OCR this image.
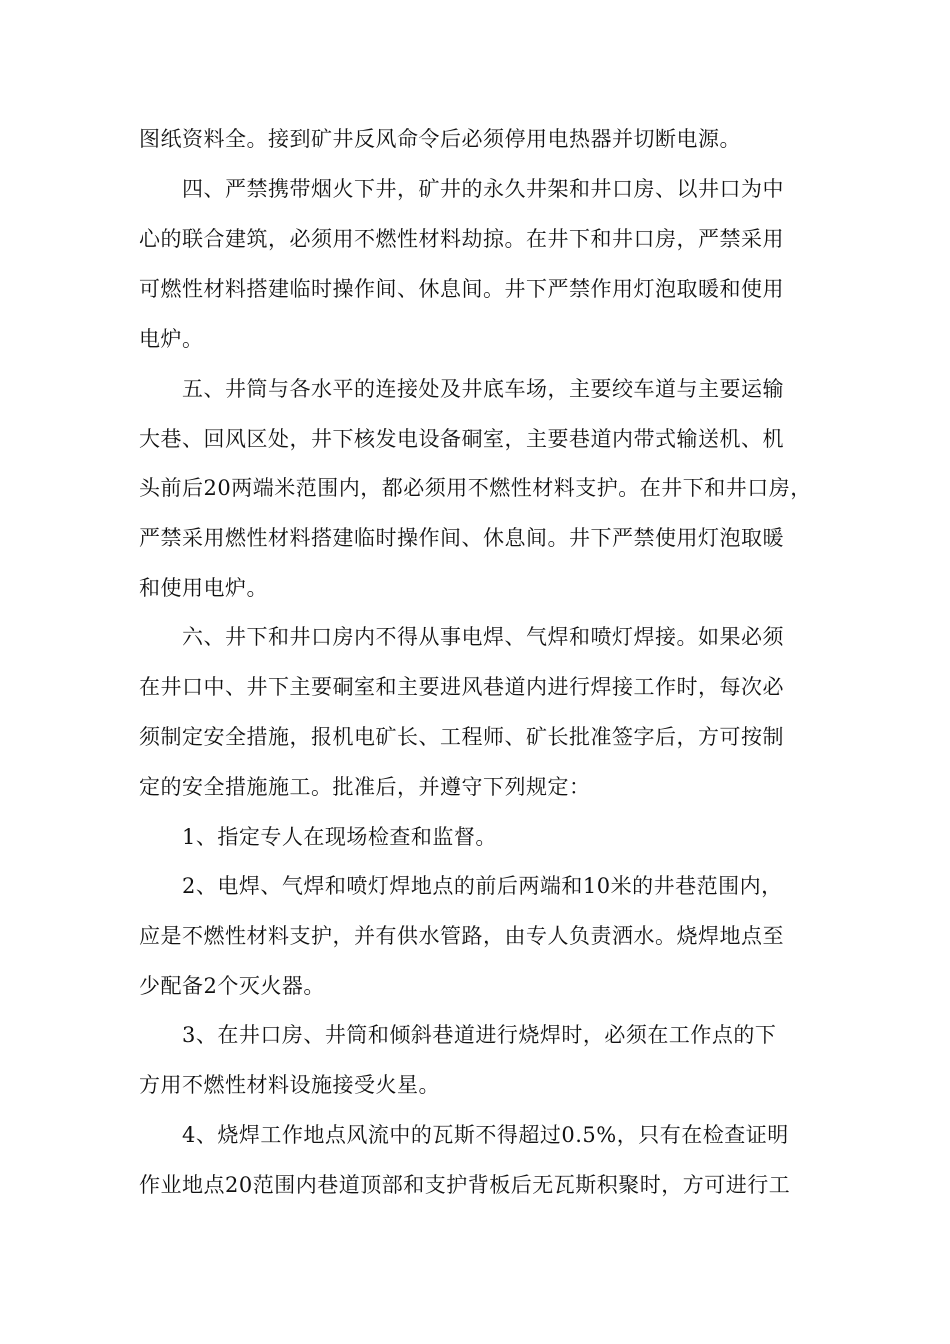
图纸资料全。接到矿井反风命令后必须停用电热器并切断电源。
四、严禁携带烟火下井，矿井的永久井架和井口房、以井口为中
心的联合建筑，必须用不燃性材料劫掠。在井下和井口房，严禁采用
可燃性材料搭建临时操作间、休息间。井下严禁作用灯泡取暖和使用
电炉。
五、井筒与各水平的连接处及井底车场，主要绞车道与主要运输
大巷、回风区处，井下核发电设备硐室，主要巷道内带式输送机、机
头前后20两端米范围内，都必须用不燃性材料支护。在井下和井口房，
严禁采用燃性材料搭建临时操作间、休息间。井下严禁使用灯泡取暖
和使用电炉。
六、井下和井口房内不得从事电焊、气焊和喷灯焊接。如果必须
在井口中、井下主要硐室和主要进风巷道内进行焊接工作时，每次必
须制定安全措施，报机电矿长、工程师、矿长批准签字后，方可按制
定的安全措施施工。批准后，并遵守下列规定：
1、指定专人在现场检查和监督。
2、电焊、气焊和喷灯焊地点的前后两端和10米的井巷范围内，
应是不燃性材料支护，并有供水管路，由专人负责洒水。烧焊地点至
少配备2个灭火器。
3、在井口房、井筒和倾斜巷道进行烧焊时，必须在工作点的下
方用不燃性材料设施接受火星。
4、烧焊工作地点风流中的瓦斯不得超过0.5%，只有在检查证明
作业地点20范围内巷道顶部和支护背板后无瓦斯积聚时，方可进行工
